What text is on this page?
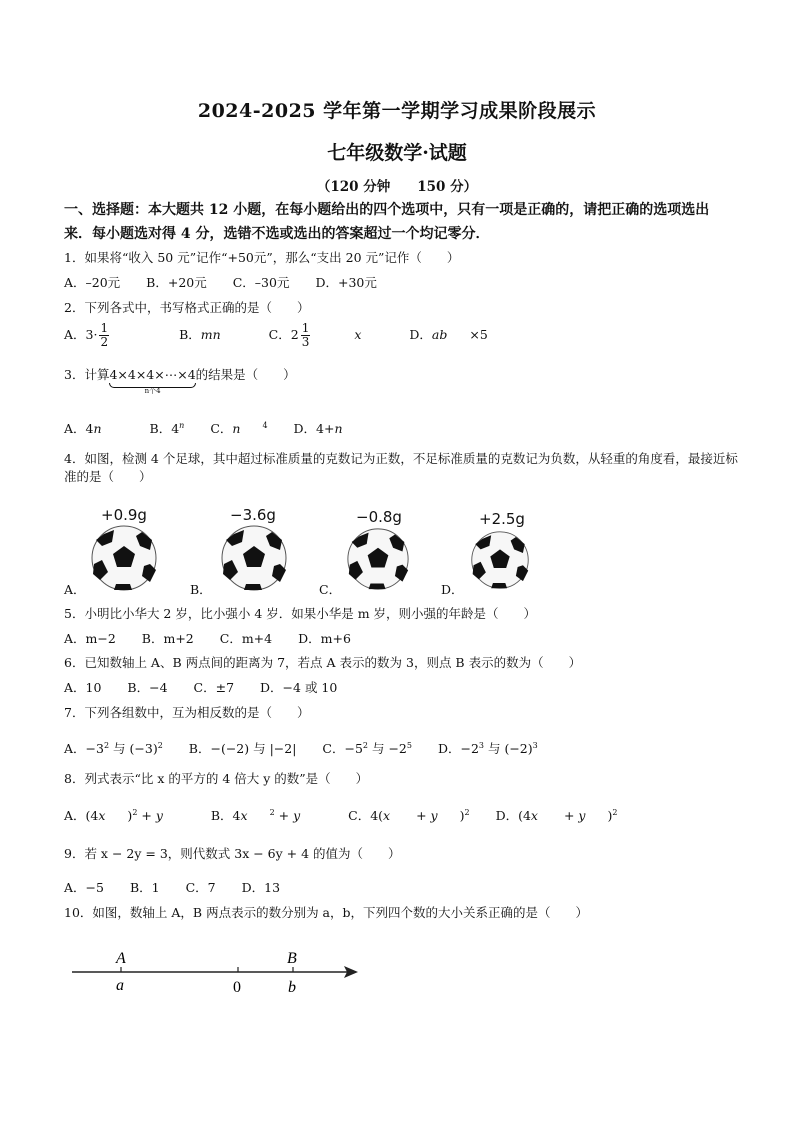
2024-2025 学年第一学期学习成果阶段展示
七年级数学·试题
（120 分钟　　150 分）
一、选择题：本大题共 12 小题，在每小题给出的四个选项中，只有一项是正确的，请把正确的选项选出来．每小题选对得 4 分，选错不选或选出的答案超过一个均记零分．
1．如果将“收入 50 元”记作“+50元”，那么“支出 20 元”记作（　　）
A．–20元 B．+20元 C．–30元 D．+30元
2．下列各式中，书写格式正确的是（　　）
A．$3\cdot \frac{1}{2}$	B．mn	C．$2 \frac{1}{3}$ x	D．ab ×5
3．计算4×4×4×⋯×4
n个4
的结果是（　　）
A．4n	B．4$^n$ C．n	$^4$ D．4+n
4．如图，检测 4 个足球，其中超过标准质量的克数记为正数，不足标准质量的克数记为负数，从轻重的角度看，最接近标准的是（　　）
+0.9g	−3.6g	−0.8g	+2.5g
A．	B．	C．	D．
5．小明比小华大 2 岁，比小强小 4 岁．如果小华是 m 岁，则小强的年龄是（　　）
A．m−2 B．m+2 C．m+4 D．m+6
6．已知数轴上 A、B 两点间的距离为 7，若点 A 表示的数为 3，则点 B 表示的数为（　　）
A．10 B．−4 C．±7 D．−4 或 10
7．下列各组数中，互为相反数的是（　　）
A．$-3^2$ 与 $(-3)^2$ B．−(−2) 与 |−2| C．$-5^2$ 与 $-2^5$ D．$-2^3$ 与 $(-2)^3$
8．列式表示“比 x 的平方的 4 倍大 y 的数”是（　　）
A．(4x )$^2$ + y	B．4x	$^2$ + y	C．4(x + y )$^2$ D．(4x + y )$^2$
9．若 x − 2y = 3，则代数式 3x − 6y + 4 的值为（　　）
A．−5 B．1 C．7 D．13
10．如图，数轴上 A，B 两点表示的数分别为 a，b，下列四个数的大小关系正确的是（　　）
A	B
a	0	b
